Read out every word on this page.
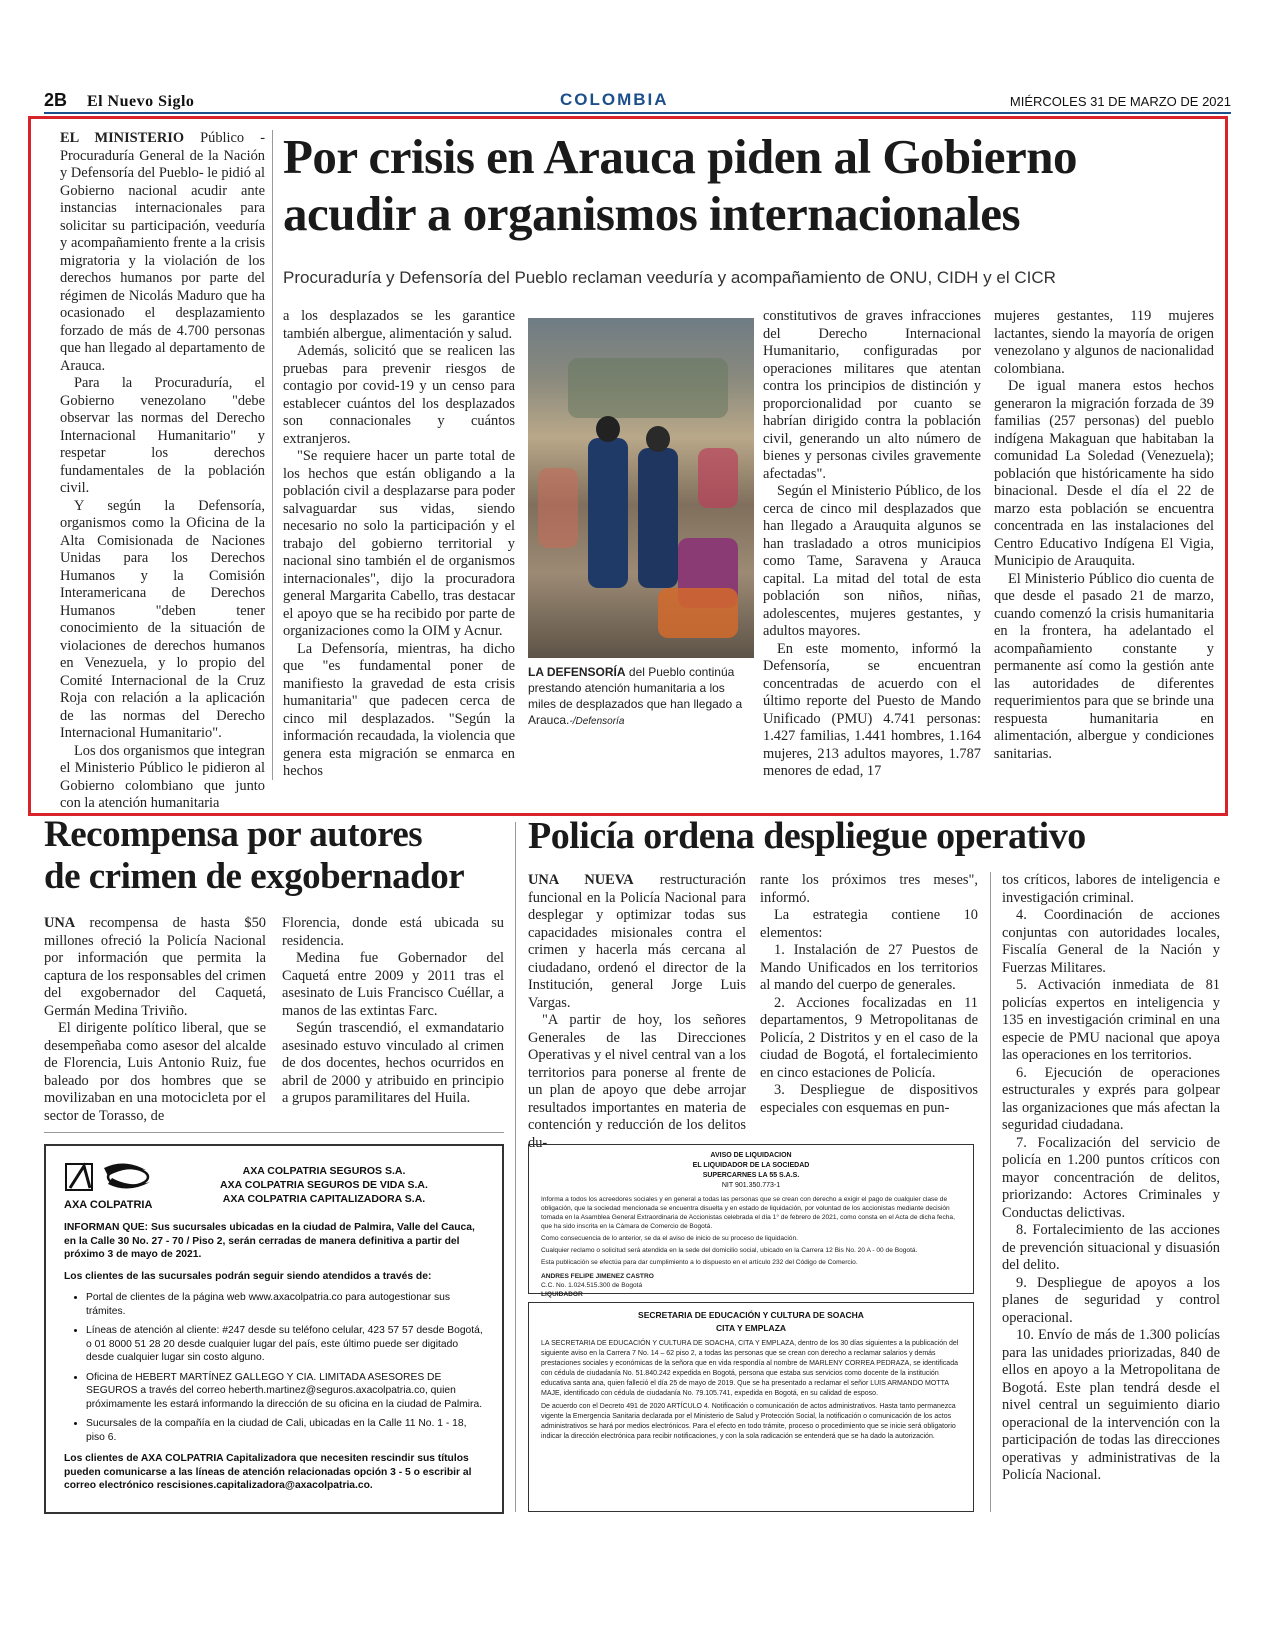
2B El Nuevo Siglo	COLOMBIA	MIÉRCOLES 31 DE MARZO DE 2021

EL MINISTERIO Público -Procuraduría General de la Nación y Defensoría del Pueblo- le pidió al Gobierno nacional acudir ante instancias internacionales para solicitar su participación, veeduría y acompañamiento frente a la crisis migratoria y la violación de los derechos humanos por parte del régimen de Nicolás Maduro que ha ocasionado el desplazamiento forzado de más de 4.700 personas que han llegado al departamento de Arauca.

Para la Procuraduría, el Gobierno venezolano "debe observar las normas del Derecho Internacional Humanitario" y respetar los derechos fundamentales de la población civil.

Y según la Defensoría, organismos como la Oficina de la Alta Comisionada de Naciones Unidas para los Derechos Humanos y la Comisión Interamericana de Derechos Humanos "deben tener conocimiento de la situación de violaciones de derechos humanos en Venezuela, y lo propio del Comité Internacional de la Cruz Roja con relación a la aplicación de las normas del Derecho Internacional Humanitario".

Los dos organismos que integran el Ministerio Público le pidieron al Gobierno colombiano que junto con la atención humanitaria

Por crisis en Arauca piden al Gobierno
acudir a organismos internacionales
Procuraduría y Defensoría del Pueblo reclaman veeduría y acompañamiento de ONU, CIDH y el CICR

a los desplazados se les garantice también albergue, alimentación y salud.

Además, solicitó que se realicen las pruebas para prevenir riesgos de contagio por covid-19 y un censo para establecer cuántos del los desplazados son connacionales y cuántos extranjeros.

"Se requiere hacer un parte total de los hechos que están obligando a la población civil a desplazarse para poder salvaguardar sus vidas, siendo necesario no solo la participación y el trabajo del gobierno territorial y nacional sino también el de organismos internacionales", dijo la procuradora general Margarita Cabello, tras destacar el apoyo que se ha recibido por parte de organizaciones como la OIM y Acnur.

La Defensoría, mientras, ha dicho que "es fundamental poner de manifiesto la gravedad de esta crisis humanitaria" que padecen cerca de cinco mil desplazados. "Según la información recaudada, la violencia que genera esta migración se enmarca en hechos

LA DEFENSORÍA del Pueblo continúa prestando atención humanitaria a los miles de desplazados que han llegado a Arauca.-/Defensoría

constitutivos de graves infracciones del Derecho Internacional Humanitario, configuradas por operaciones militares que atentan contra los principios de distinción y proporcionalidad por cuanto se habrían dirigido contra la población civil, generando un alto número de bienes y personas civiles gravemente afectadas".

Según el Ministerio Público, de los cerca de cinco mil desplazados que han llegado a Arauquita algunos se han trasladado a otros municipios como Tame, Saravena y Arauca capital. La mitad del total de esta población son niños, niñas, adolescentes, mujeres gestantes, y adultos mayores.

En este momento, informó la Defensoría, se encuentran concentradas de acuerdo con el último reporte del Puesto de Mando Unificado (PMU) 4.741 personas: 1.427 familias, 1.441 hombres, 1.164 mujeres, 213 adultos mayores, 1.787 menores de edad, 17

mujeres gestantes, 119 mujeres lactantes, siendo la mayoría de origen venezolano y algunos de nacionalidad colombiana.

De igual manera estos hechos generaron la migración forzada de 39 familias (257 personas) del pueblo indígena Makaguan que habitaban la comunidad La Soledad (Venezuela); población que históricamente ha sido binacional. Desde el día el 22 de marzo esta población se encuentra concentrada en las instalaciones del Centro Educativo Indígena El Vigia, Municipio de Arauquita.

El Ministerio Público dio cuenta de que desde el pasado 21 de marzo, cuando comenzó la crisis humanitaria en la frontera, ha adelantado el acompañamiento constante y permanente así como la gestión ante las autoridades de diferentes requerimientos para que se brinde una respuesta humanitaria en alimentación, albergue y condiciones sanitarias.

Recompensa por autores
de crimen de exgobernador

UNA recompensa de hasta $50 millones ofreció la Policía Nacional por información que permita la captura de los responsables del crimen del exgobernador del Caquetá, Germán Medina Triviño.

El dirigente político liberal, que se desempeñaba como asesor del alcalde de Florencia, Luis Antonio Ruiz, fue baleado por dos hombres que se movilizaban en una motocicleta por el sector de Torasso, de

Florencia, donde está ubicada su residencia.

Medina fue Gobernador del Caquetá entre 2009 y 2011 tras el asesinato de Luis Francisco Cuéllar, a manos de las extintas Farc.

Según trascendió, el exmandatario asesinado estuvo vinculado al crimen de dos docentes, hechos ocurridos en abril de 2000 y atribuido en principio a grupos paramilitares del Huila.

Policía ordena despliegue operativo

UNA NUEVA restructuración funcional en la Policía Nacional para desplegar y optimizar todas sus capacidades misionales contra el crimen y hacerla más cercana al ciudadano, ordenó el director de la Institución, general Jorge Luis Vargas.

"A partir de hoy, los señores Generales de las Direcciones Operativas y el nivel central van a los territorios para ponerse al frente de un plan de apoyo que debe arrojar resultados importantes en materia de contención y reducción de los delitos du-

rante los próximos tres meses", informó.

La estrategia contiene 10 elementos:

1. Instalación de 27 Puestos de Mando Unificados en los territorios al mando del cuerpo de generales.

2. Acciones focalizadas en 11 departamentos, 9 Metropolitanas de Policía, 2 Distritos y en el caso de la ciudad de Bogotá, el fortalecimiento en cinco estaciones de Policía.

3. Despliegue de dispositivos especiales con esquemas en pun-

tos críticos, labores de inteligencia e investigación criminal.

4. Coordinación de acciones conjuntas con autoridades locales, Fiscalía General de la Nación y Fuerzas Militares.

5. Activación inmediata de 81 policías expertos en inteligencia y 135 en investigación criminal en una especie de PMU nacional que apoya las operaciones en los territorios.

6. Ejecución de operaciones estructurales y exprés para golpear las organizaciones que más afectan la seguridad ciudadana.

7. Focalización del servicio de policía en 1.200 puntos críticos con mayor concentración de delitos, priorizando: Actores Criminales y Conductas delictivas.

8. Fortalecimiento de las acciones de prevención situacional y disuasión del delito.

9. Despliegue de apoyos a los planes de seguridad y control operacional.

10. Envío de más de 1.300 policías para las unidades priorizadas, 840 de ellos en apoyo a la Metropolitana de Bogotá. Este plan tendrá desde el nivel central un seguimiento diario operacional de la intervención con la participación de todas las direcciones operativas y administrativas de la Policía Nacional.

AXA COLPATRIA
AXA COLPATRIA SEGUROS S.A.
AXA COLPATRIA SEGUROS DE VIDA S.A.
AXA COLPATRIA CAPITALIZADORA S.A.

INFORMAN QUE: Sus sucursales ubicadas en la ciudad de Palmira, Valle del Cauca, en la Calle 30 No. 27 - 70 / Piso 2, serán cerradas de manera definitiva a partir del próximo 3 de mayo de 2021.

Los clientes de las sucursales podrán seguir siendo atendidos a través de:

• Portal de clientes de la página web www.axacolpatria.co para autogestionar sus trámites.
• Líneas de atención al cliente: #247 desde su teléfono celular, 423 57 57 desde Bogotá, o 01 8000 51 28 20 desde cualquier lugar del país, este último puede ser digitado desde cualquier lugar sin costo alguno.
• Oficina de HEBERT MARTÍNEZ GALLEGO Y CIA. LIMITADA ASESORES DE SEGUROS a través del correo heberth.martinez@seguros.axacolpatria.co, quien próximamente les estará informando la dirección de su oficina en la ciudad de Palmira.
• Sucursales de la compañía en la ciudad de Cali, ubicadas en la Calle 11 No. 1 - 18, piso 6.

Los clientes de AXA COLPATRIA Capitalizadora que necesiten rescindir sus títulos pueden comunicarse a las líneas de atención relacionadas opción 3 - 5 o escribir al correo electrónico rescisiones.capitalizadora@axacolpatria.co.

AVISO DE LIQUIDACION
EL LIQUIDADOR DE LA SOCIEDAD
SUPERCARNES LA 55 S.A.S.
NIT 901.350.773-1
Informa a todos los acreedores sociales y en general a todas las personas que se crean con derecho a exigir el pago de cualquier clase de obligación, que la sociedad mencionada se encuentra disuelta y en estado de liquidación, por voluntad de los accionistas mediante decisión tomada en la Asamblea General Extraordinaria de Accionistas celebrada el día 1° de febrero de 2021, como consta en el Acta de dicha fecha, que ha sido inscrita en la Cámara de Comercio de Bogotá.
Como consecuencia de lo anterior, se da el aviso de inicio de su proceso de liquidación.
Cualquier reclamo o solicitud será atendida en la sede del domicilio social, ubicado en la Carrera 12 Bis No. 20 A - 00 de Bogotá.
Esta publicación se efectúa para dar cumplimiento a lo dispuesto en el artículo 232 del Código de Comercio.
ANDRES FELIPE JIMENEZ CASTRO
C.C. No. 1.024.515.300 de Bogotá
LIQUIDADOR
SECRETARIA DE EDUCACIÓN Y CULTURA DE SOACHA
CITA Y EMPLAZA
LA SECRETARIA DE EDUCACIÓN Y CULTURA DE SOACHA, CITA Y EMPLAZA, dentro de los 30 días siguientes a la publicación del siguiente aviso en la Carrera 7 No. 14 – 62 piso 2, a todas las personas que se crean con derecho a reclamar salarios y demás prestaciones sociales y económicas de la señora que en vida respondía al nombre de MARLENY CORREA PEDRAZA, se identificada con cédula de ciudadanía No. 51.840.242 expedida en Bogotá, persona que estaba sus servicios como docente de la institución educativa santa ana, quien falleció el día 25 de mayo de 2019. Que se ha presentado a reclamar el señor LUIS ARMANDO MOTTA MAJE, identificado con cédula de ciudadanía No. 79.105.741, expedida en Bogotá, en su calidad de esposo.
De acuerdo con el Decreto 491 de 2020 ARTÍCULO 4. Notificación o comunicación de actos administrativos. Hasta tanto permanezca vigente la Emergencia Sanitaria declarada por el Ministerio de Salud y Protección Social, la notificación o comunicación de los actos administrativos se hará por medios electrónicos. Para el efecto en todo trámite, proceso o procedimiento que se inicie será obligatorio indicar la dirección electrónica para recibir notificaciones, y con la sola radicación se entenderá que se ha dado la autorización.
